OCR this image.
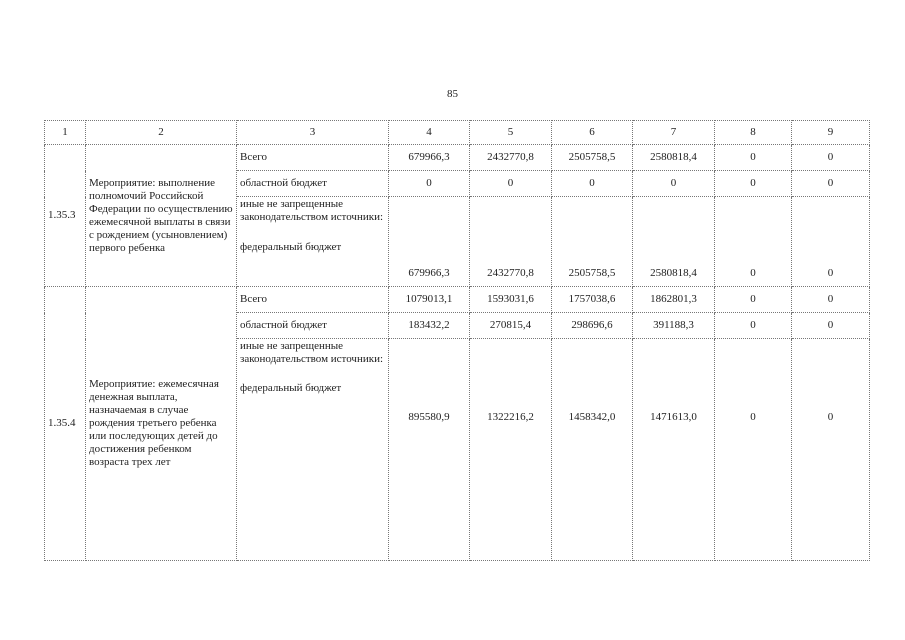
85
1	2	3	4	5	6	7	8	9
1.35.3	Мероприятие: выполнение полномочий Российской Федерации по осуществлению ежемесячной выплаты в связи с рождением (усыновлением) первого ребенка	Всего	679966,3	2432770,8	2505758,5	2580818,4	0	0
		областной бюджет	0	0	0	0	0	0

		иные не запрещенные законодательством источники:
федеральный бюджет	679966,3	2432770,8	2505758,5	2580818,4	0	0
1.35.4	Мероприятие: ежемесячная денежная выплата, назначаемая в случае рождения третьего ребенка или последующих детей до достижения ребенком возраста трех лет	Всего	1079013,1	1593031,6	1757038,6	1862801,3	0	0
		областной бюджет	183432,2	270815,4	298696,6	391188,3	0	0

		иные не запрещенные законодательством источники:
федеральный бюджет	895580,9	1322216,2	1458342,0	1471613,0	0	0
